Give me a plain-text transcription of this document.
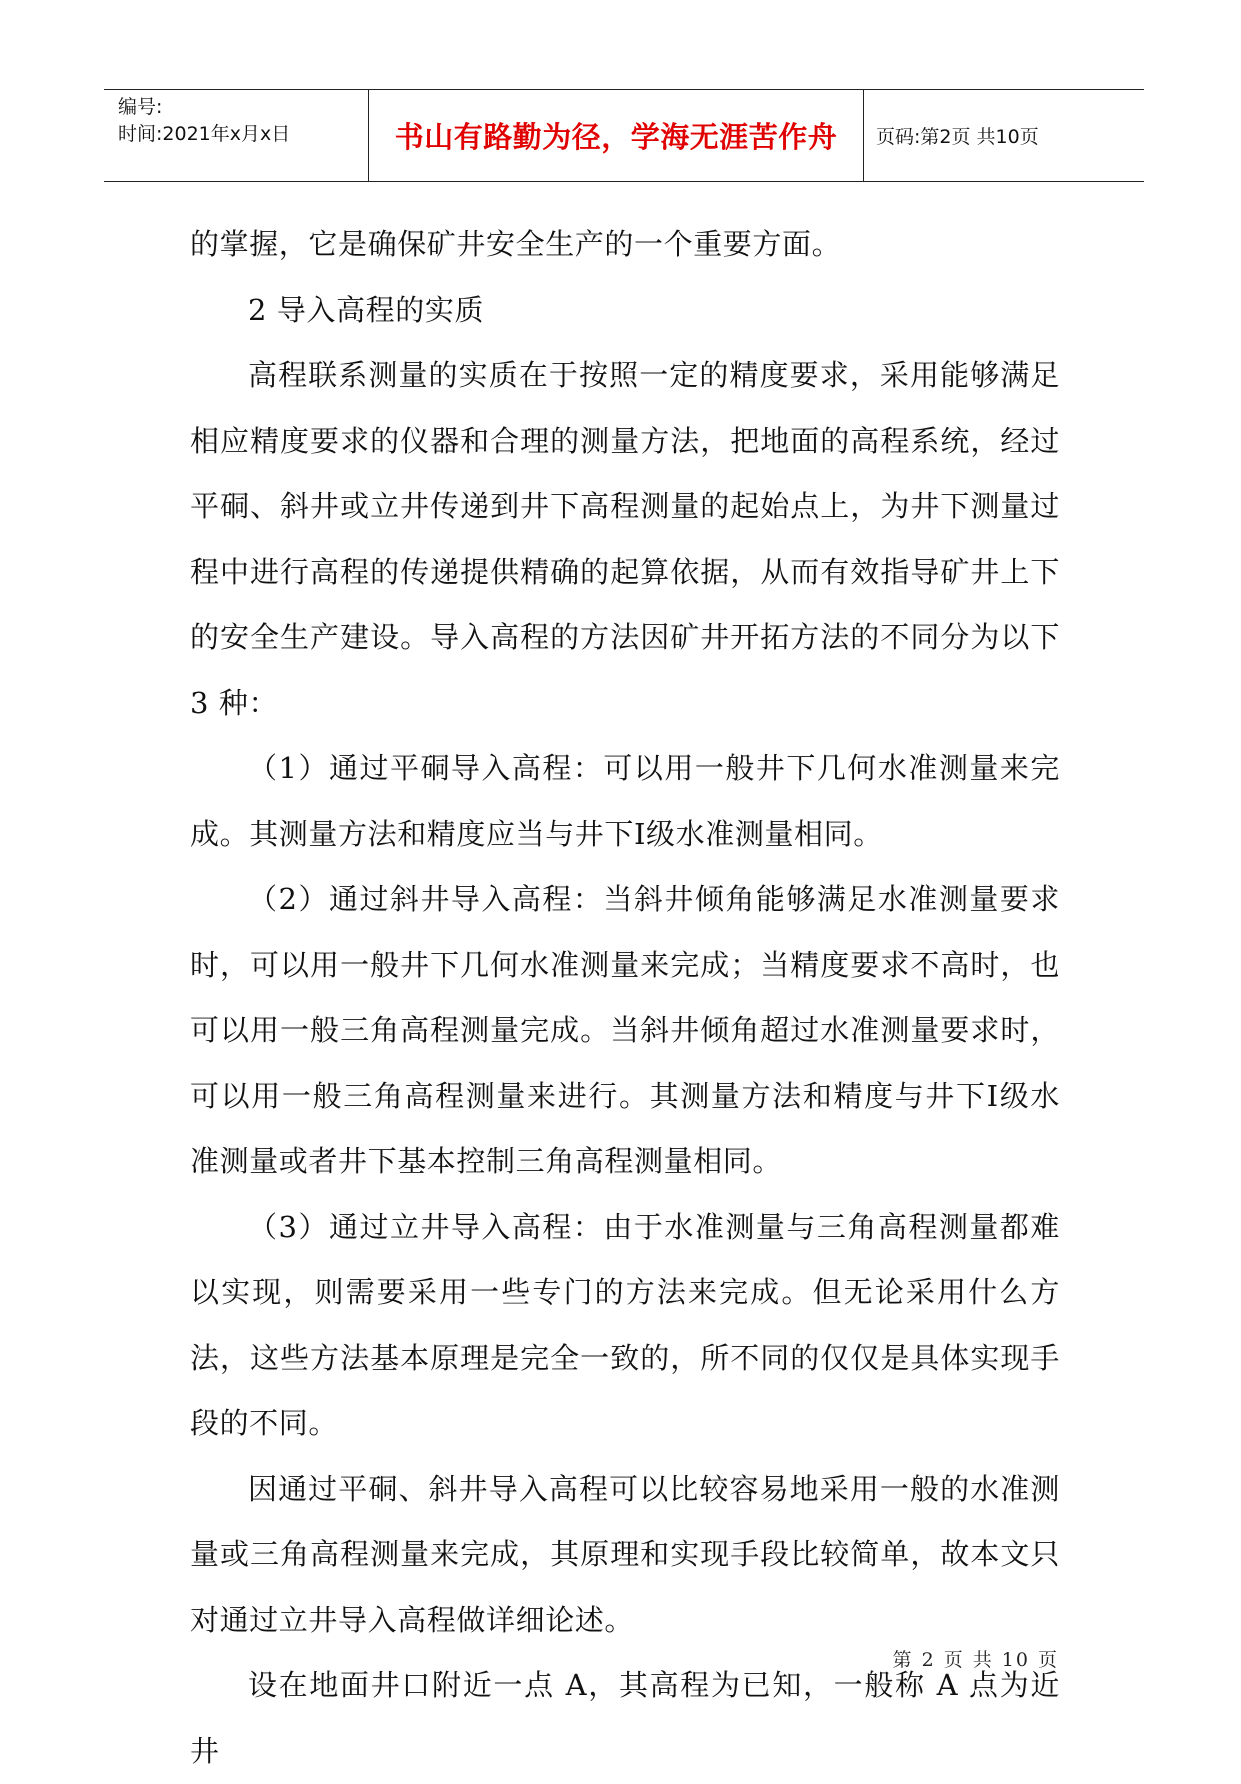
编号:
时间:2021年x月x日	书山有路勤为径，学海无涯苦作舟 页码:第2页 共10页

的掌握，它是确保矿井安全生产的一个重要方面。

2 导入高程的实质

高程联系测量的实质在于按照一定的精度要求，采用能够满足相应精度要求的仪器和合理的测量方法，把地面的高程系统，经过平硐、斜井或立井传递到井下高程测量的起始点上，为井下测量过程中进行高程的传递提供精确的起算依据，从而有效指导矿井上下的安全生产建设。导入高程的方法因矿井开拓方法的不同分为以下 3 种：

（1）通过平硐导入高程：可以用一般井下几何水准测量来完成。其测量方法和精度应当与井下Ⅰ级水准测量相同。

（2）通过斜井导入高程：当斜井倾角能够满足水准测量要求时，可以用一般井下几何水准测量来完成；当精度要求不高时，也可以用一般三角高程测量完成。当斜井倾角超过水准测量要求时，可以用一般三角高程测量来进行。其测量方法和精度与井下Ⅰ级水准测量或者井下基本控制三角高程测量相同。

（3）通过立井导入高程：由于水准测量与三角高程测量都难以实现，则需要采用一些专门的方法来完成。但无论采用什么方法，这些方法基本原理是完全一致的，所不同的仅仅是具体实现手段的不同。

因通过平硐、斜井导入高程可以比较容易地采用一般的水准测量或三角高程测量来完成，其原理和实现手段比较简单，故本文只对通过立井导入高程做详细论述。

设在地面井口附近一点 A，其高程为已知，一般称 A 点为近井

第 2 页 共 10 页
